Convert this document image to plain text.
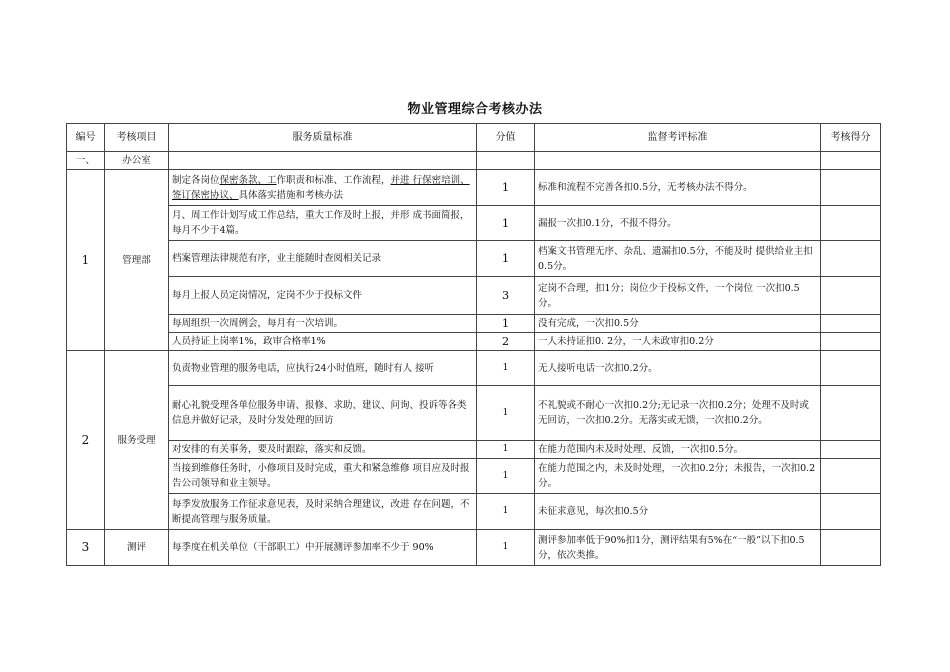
物业管理综合考核办法
编号	考核项目	服务质量标准	分值	监督考评标准	考核得分
一、	办公室				
1	管理部	制定各岗位保密条款、工作职责和标准、工作流程，并进 行保密培训、签订保密协议、具体落实措施和考核办法	1	标准和流程不完善各扣0.5分，无考核办法不得分。	
		月、周工作计划写成工作总结，重大工作及时上报，并形 成书面简报，每月不少于4篇。	1	漏报一次扣0.1分，不报不得分。	
		档案管理法律规范有序，业主能随时查阅相关记录	1	档案文书管理无序、杂乱、遗漏扣0.5分，不能及时 提供给业主扣0.5分。	
		每月上报人员定岗情况，定岗不少于投标文件	3	定岗不合理，扣1分；岗位少于投标文件，一个岗位 一次扣0.5分。	
		每周组织一次周例会，每月有一次培训。	1	没有完成，一次扣0.5分	
		人员持证上岗率1%，政审合格率1%	2	一人未持证扣0. 2分，一人未政审扣0.2分	
2	服务受理	负责物业管理的服务电话，应执行24小时值班，随时有人 接听	1	无人接听电话一次扣0.2分。	
		耐心礼貌受理各单位服务申请、报修、求助、建议、问询、投诉等各类信息并做好记录，及时分发处理的回访	1	不礼貌或不耐心一次扣0.2分;无记录一次扣0.2分；处理不及时或无回访，一次扣0.2分。无落实或无馈，一次扣0.2分。	
		对安排的有关事务，要及时跟踪，落实和反馈。	1	在能力范围内未及时处理、反馈，一次扣0.5分。	
		当接到维修任务时，小修项目及时完成，重大和紧急维修 项目应及时报告公司领导和业主领导。	1	在能力范围之内，未及时处理，一次扣0.2分；未报告，一次扣0.2分。	
		每季发放服务工作征求意见表，及时采纳合理建议，改进 存在问题，不断提高管理与服务质量。	1	未征求意见，每次扣0.5分	
3	测评	每季度在机关单位（干部职工）中开展测评参加率不少于 90%	1	测评参加率低于90%扣1分，测评结果有5%在“一般”以下扣0.5分，依次类推。	
